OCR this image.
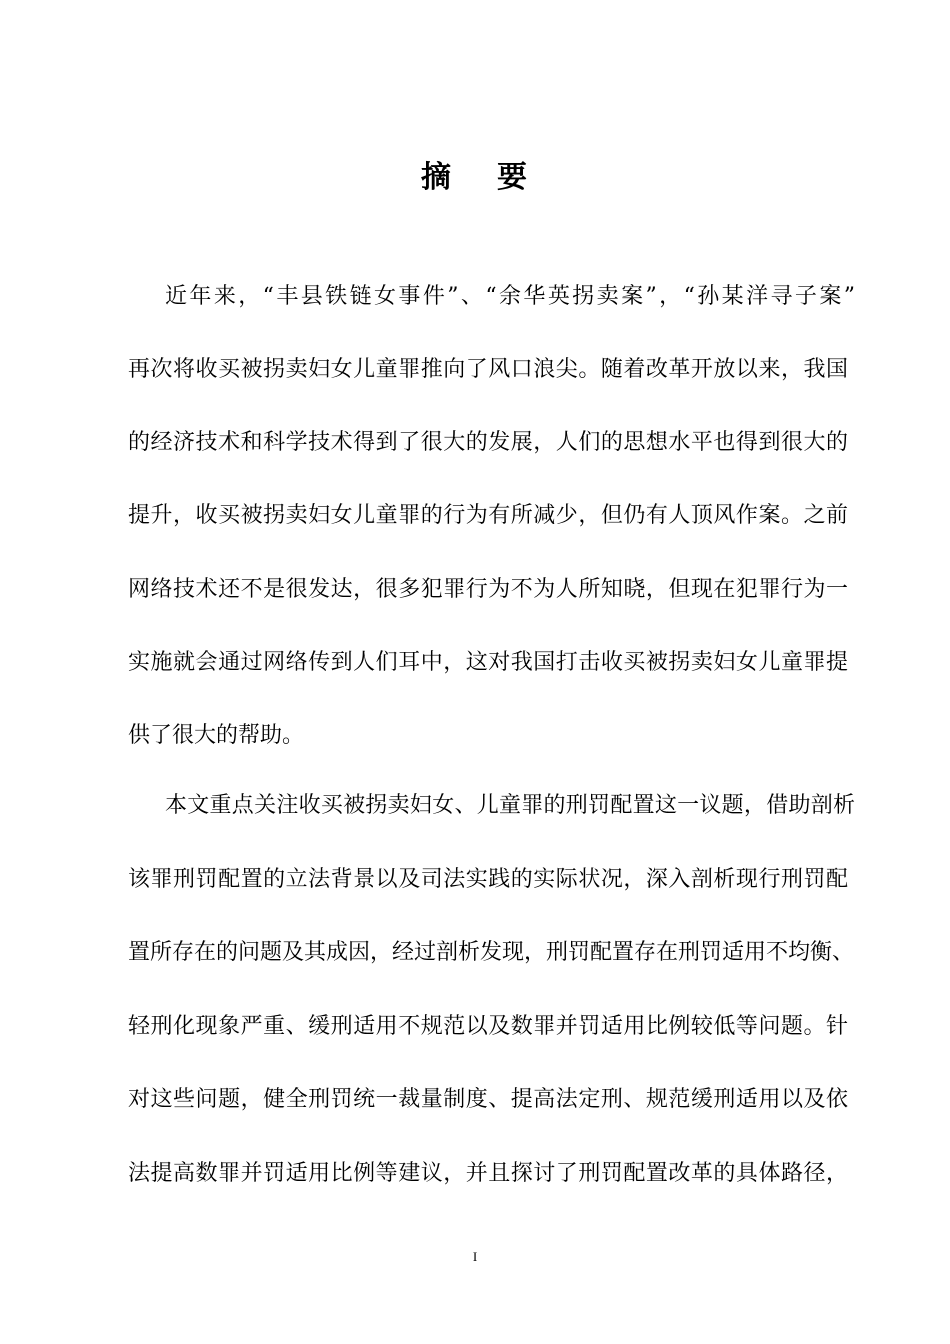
摘 要
近年来，“丰县铁链女事件”、“余华英拐卖案”，“孙某洋寻子案”
再次将收买被拐卖妇女儿童罪推向了风口浪尖。随着改革开放以来，我国
的经济技术和科学技术得到了很大的发展，人们的思想水平也得到很大的
提升，收买被拐卖妇女儿童罪的行为有所减少，但仍有人顶风作案。之前
网络技术还不是很发达，很多犯罪行为不为人所知晓，但现在犯罪行为一
实施就会通过网络传到人们耳中，这对我国打击收买被拐卖妇女儿童罪提
供了很大的帮助。
本文重点关注收买被拐卖妇女、儿童罪的刑罚配置这一议题，借助剖析
该罪刑罚配置的立法背景以及司法实践的实际状况，深入剖析现行刑罚配
置所存在的问题及其成因，经过剖析发现，刑罚配置存在刑罚适用不均衡、
轻刑化现象严重、缓刑适用不规范以及数罪并罚适用比例较低等问题。针
对这些问题，健全刑罚统一裁量制度、提高法定刑、规范缓刑适用以及依
法提高数罪并罚适用比例等建议，并且探讨了刑罚配置改革的具体路径，
I
